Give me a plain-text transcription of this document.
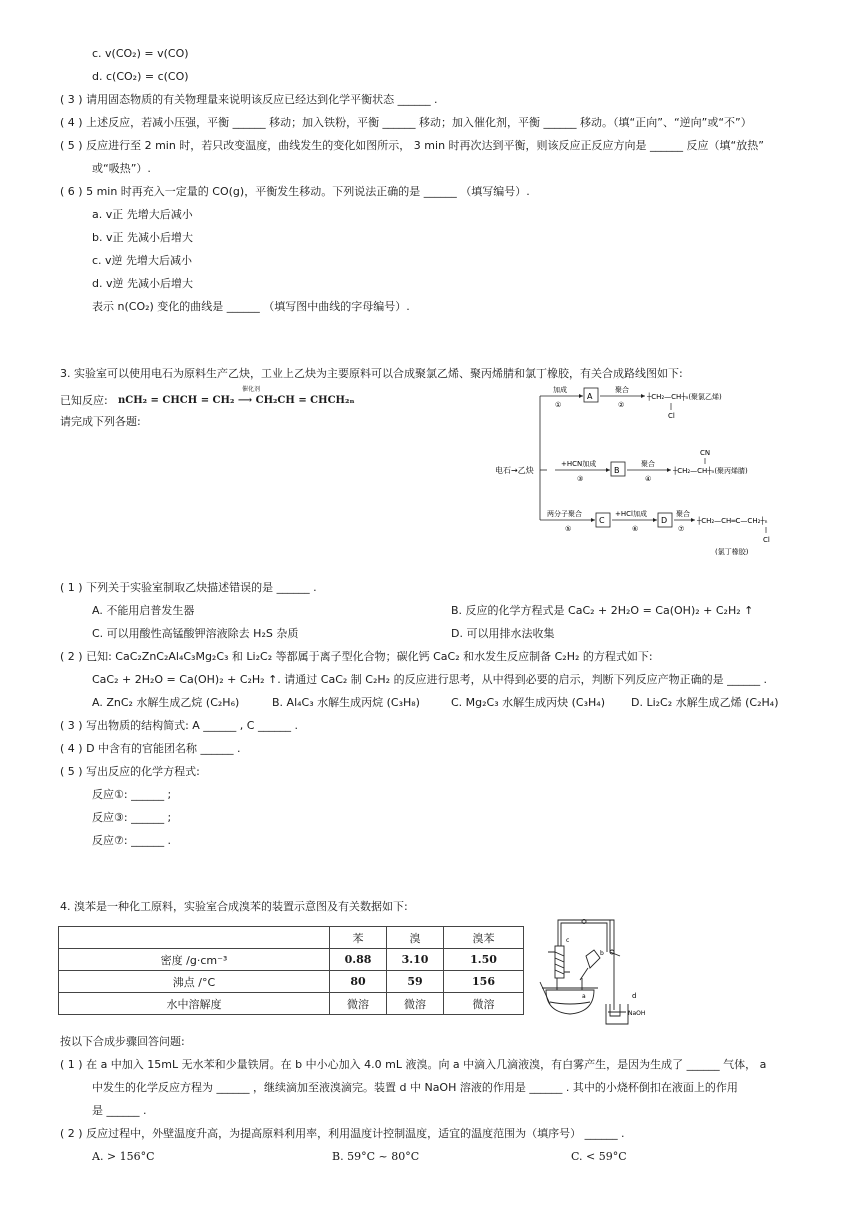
c. v(CO₂) = v(CO)
d. c(CO₂) = c(CO)
( 3 ) 请用固态物质的有关物理量来说明该反应已经达到化学平衡状态 ______ .
( 4 ) 上述反应，若减小压强，平衡 ______ 移动；加入铁粉，平衡 ______ 移动；加入催化剂，平衡 ______ 移动。（填“正向”、“逆向”或“不”）
( 5 ) 反应进行至 2 min 时，若只改变温度，曲线发生的变化如图所示， 3 min 时再次达到平衡，则该反应正反应方向是 ______ 反应（填“放热”
或“吸热”）.
( 6 ) 5 min 时再充入一定量的 CO(g)，平衡发生移动。下列说法正确的是 ______ （填写编号）.
a. v正 先增大后减小
b. v正 先减小后增大
c. v逆 先增大后减小
d. v逆 先减小后增大
表示 n(CO₂) 变化的曲线是 ______ （填写图中曲线的字母编号）.
3. 实验室可以使用电石为原料生产乙炔，工业上乙炔为主要原料可以合成聚氯乙烯、聚丙烯腈和氯丁橡胶，有关合成路线图如下:
已知反应: nCH₂ = CHCH = CH₂ ⟶ CH₂CH = CHCH₂ₙ
催化剂
请完成下列各题:
电石→乙炔
加成
①
A
聚合
②
┼CH₂—CH┼ₙ(聚氯乙烯)
Cl
+HCN加成
③
B
聚合
④
CN
┼CH₂—CH┼ₙ(聚丙烯腈)
两分子聚合
⑤
C
+HCl加成
⑥
D
聚合
⑦
┼CH₂—CH═C—CH₂┼ₙ
Cl
(氯丁橡胶)
( 1 ) 下列关于实验室制取乙炔描述错误的是 ______ .
A. 不能用启普发生器	B. 反应的化学方程式是 CaC₂ + 2H₂O = Ca(OH)₂ + C₂H₂ ↑
C. 可以用酸性高锰酸钾溶液除去 H₂S 杂质	D. 可以用排水法收集
( 2 ) 已知: CaC₂ZnC₂Al₄C₃Mg₂C₃ 和 Li₂C₂ 等都属于离子型化合物；碳化钙 CaC₂ 和水发生反应制备 C₂H₂ 的方程式如下:
CaC₂ + 2H₂O = Ca(OH)₂ + C₂H₂ ↑. 请通过 CaC₂ 制 C₂H₂ 的反应进行思考，从中得到必要的启示，判断下列反应产物正确的是 ______ .
A. ZnC₂ 水解生成乙烷 (C₂H₆)	B. Al₄C₃ 水解生成丙烷 (C₃H₈)	C. Mg₂C₃ 水解生成丙炔 (C₃H₄) D. Li₂C₂ 水解生成乙烯 (C₂H₄)
( 3 ) 写出物质的结构简式: A ______ , C ______ .
( 4 ) D 中含有的官能团名称 ______ .
( 5 ) 写出反应的化学方程式:
反应①: ______ ;
反应③: ______ ;
反应⑦: ______ .
4. 溴苯是一种化工原料，实验室合成溴苯的装置示意图及有关数据如下:
	苯	溴	溴苯
密度 /g·cm⁻³	0.88	3.10	1.50
沸点 /°C	80	59	156
水中溶解度	微溶	微溶	微溶
c
b
a	d
NaOH
按以下合成步骤回答问题:
( 1 ) 在 a 中加入 15mL 无水苯和少量铁屑。在 b 中小心加入 4.0 mL 液溴。向 a 中滴入几滴液溴，有白雾产生，是因为生成了 ______ 气体， a
中发生的化学反应方程为 ______ ，继续滴加至液溴滴完。装置 d 中 NaOH 溶液的作用是 ______ . 其中的小烧杯倒扣在液面上的作用
是 ______ .
( 2 ) 反应过程中，外壁温度升高，为提高原料利用率，利用温度计控制温度，适宜的温度范围为（填序号） ______ .
A. > 156°C	B. 59°C ~ 80°C	C. < 59°C
